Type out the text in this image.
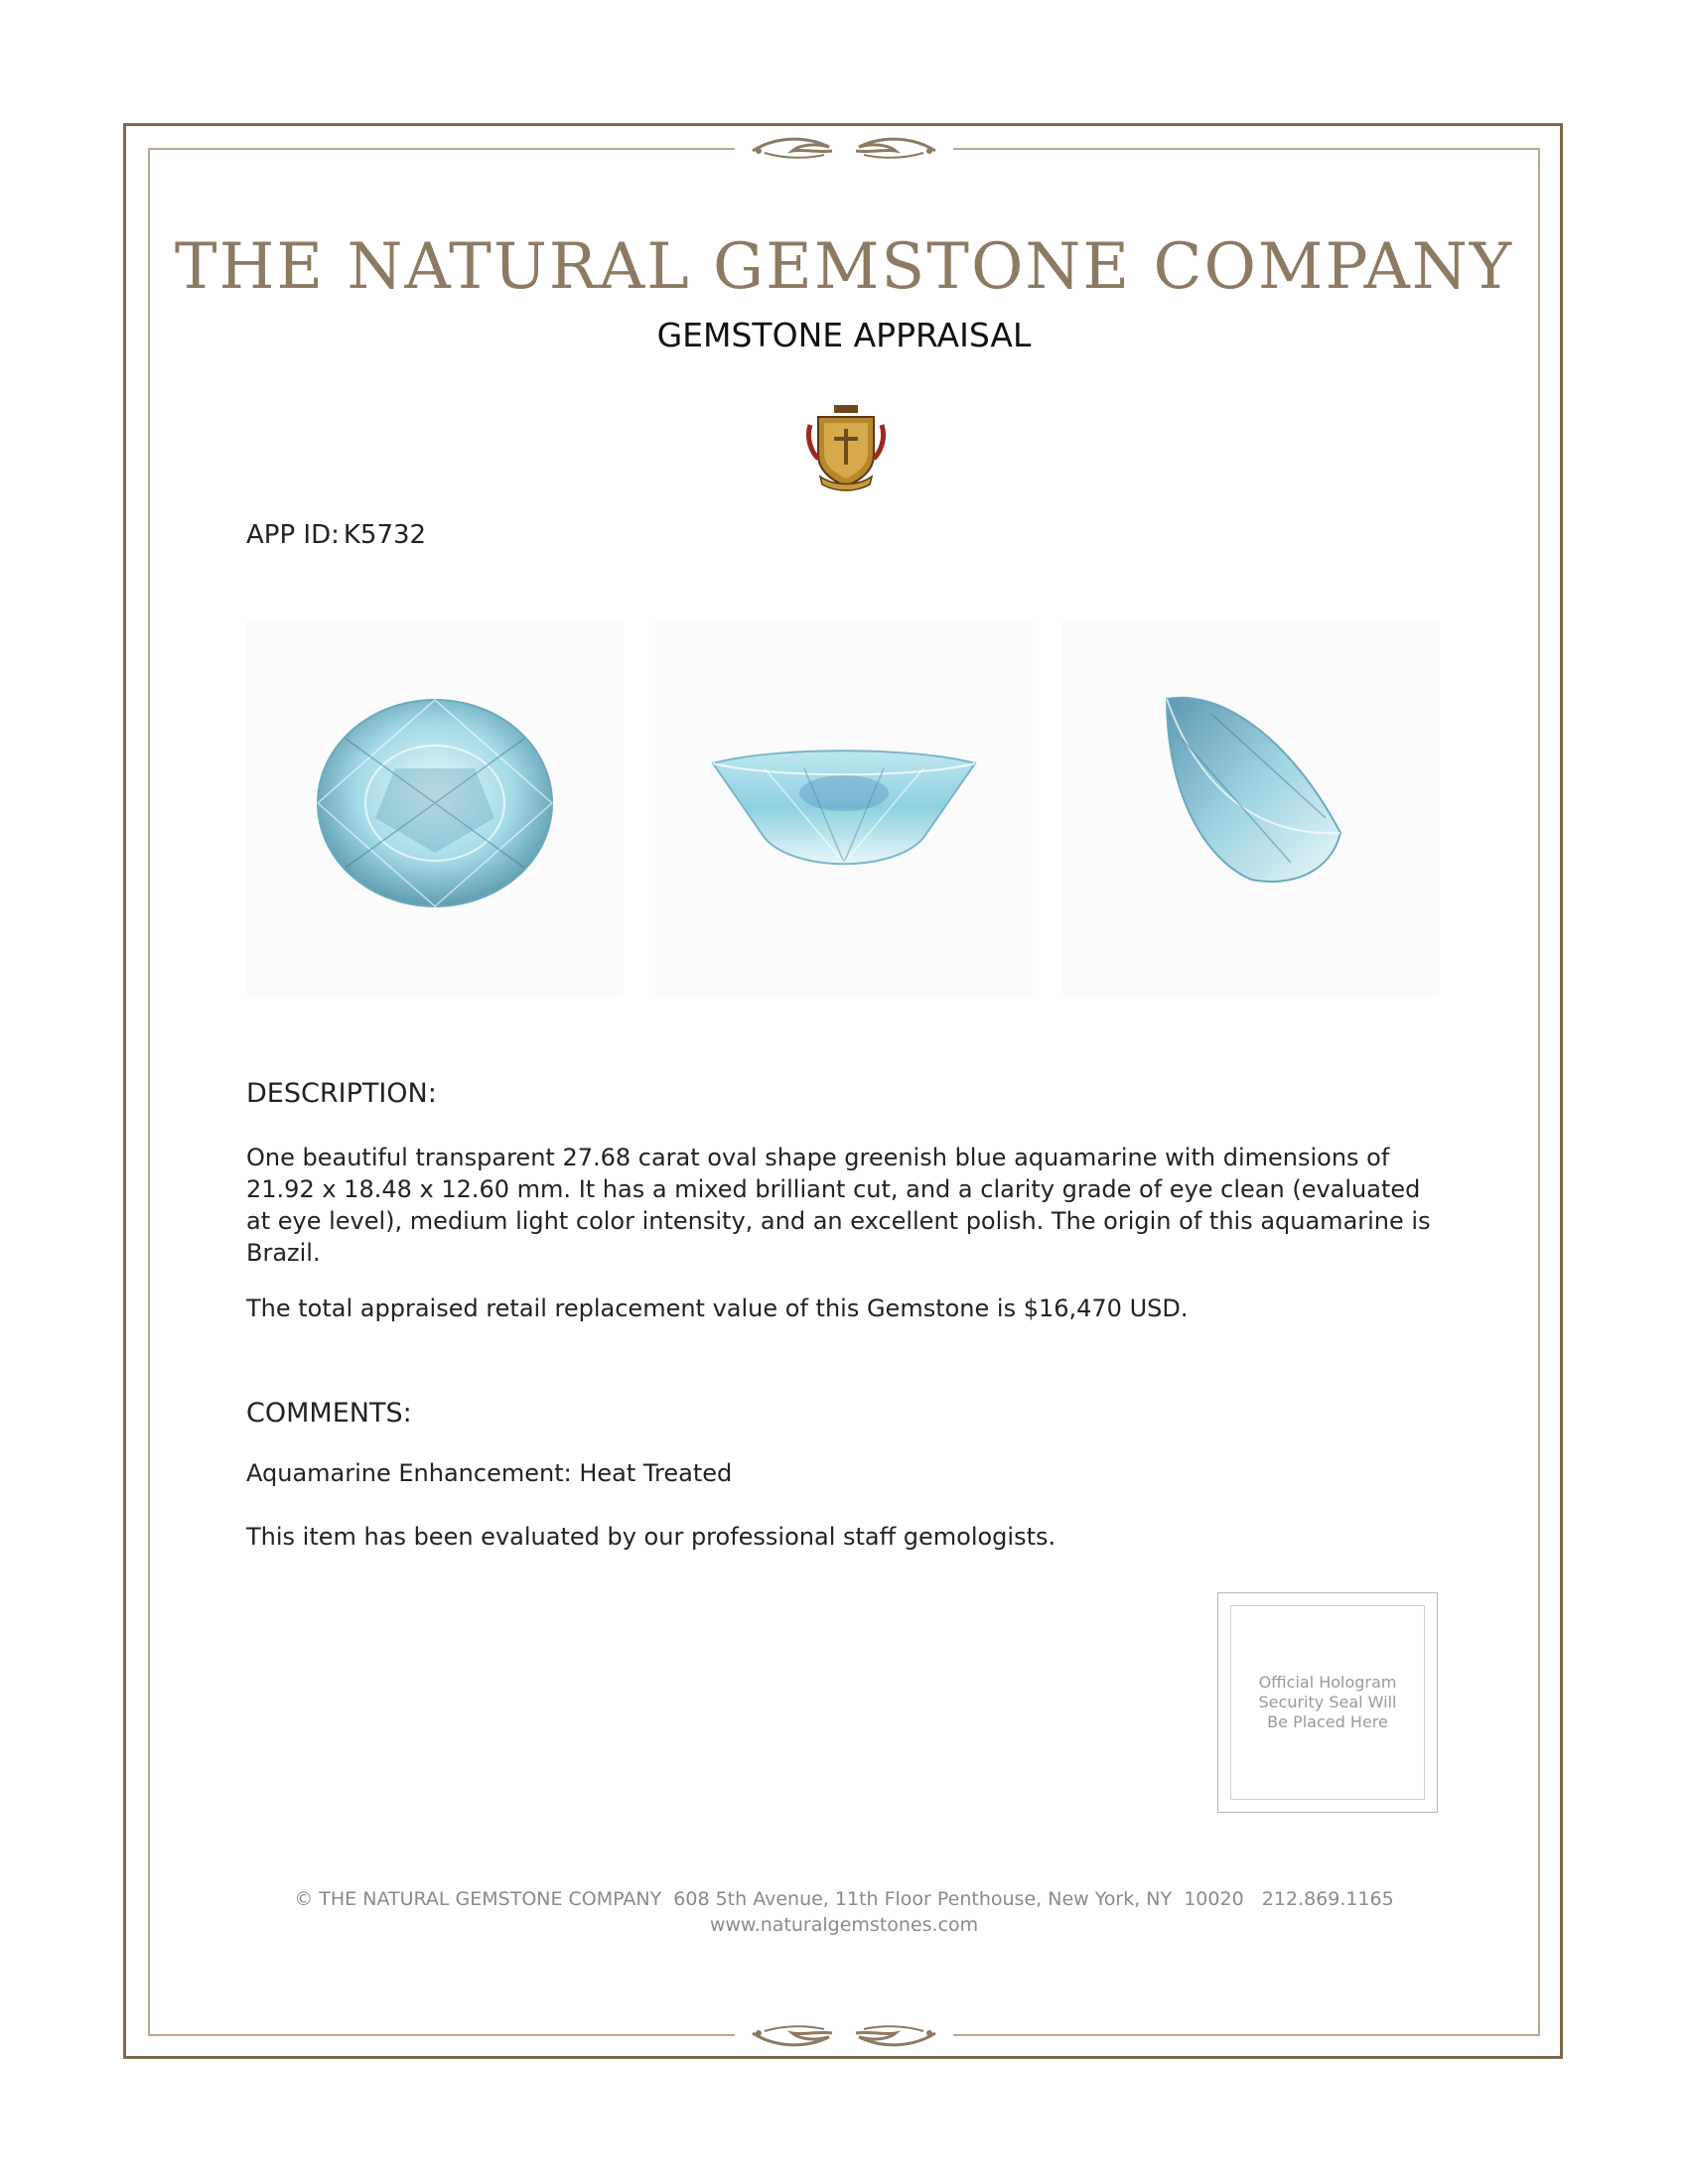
THE NATURAL GEMSTONE COMPANY
GEMSTONE APPRAISAL
APP ID: K5732
DESCRIPTION:
One beautiful transparent 27.68 carat oval shape greenish blue aquamarine with dimensions of 21.92 x 18.48 x 12.60 mm. It has a mixed brilliant cut, and a clarity grade of eye clean (evaluated at eye level), medium light color intensity, and an excellent polish. The origin of this aquamarine is Brazil.
The total appraised retail replacement value of this Gemstone is $16,470 USD.
COMMENTS:
Aquamarine Enhancement: Heat Treated
This item has been evaluated by our professional staff gemologists.
Official Hologram
Security Seal Will
Be Placed Here
© THE NATURAL GEMSTONE COMPANY  608 5th Avenue, 11th Floor Penthouse, New York, NY  10020   212.869.1165
www.naturalgemstones.com
